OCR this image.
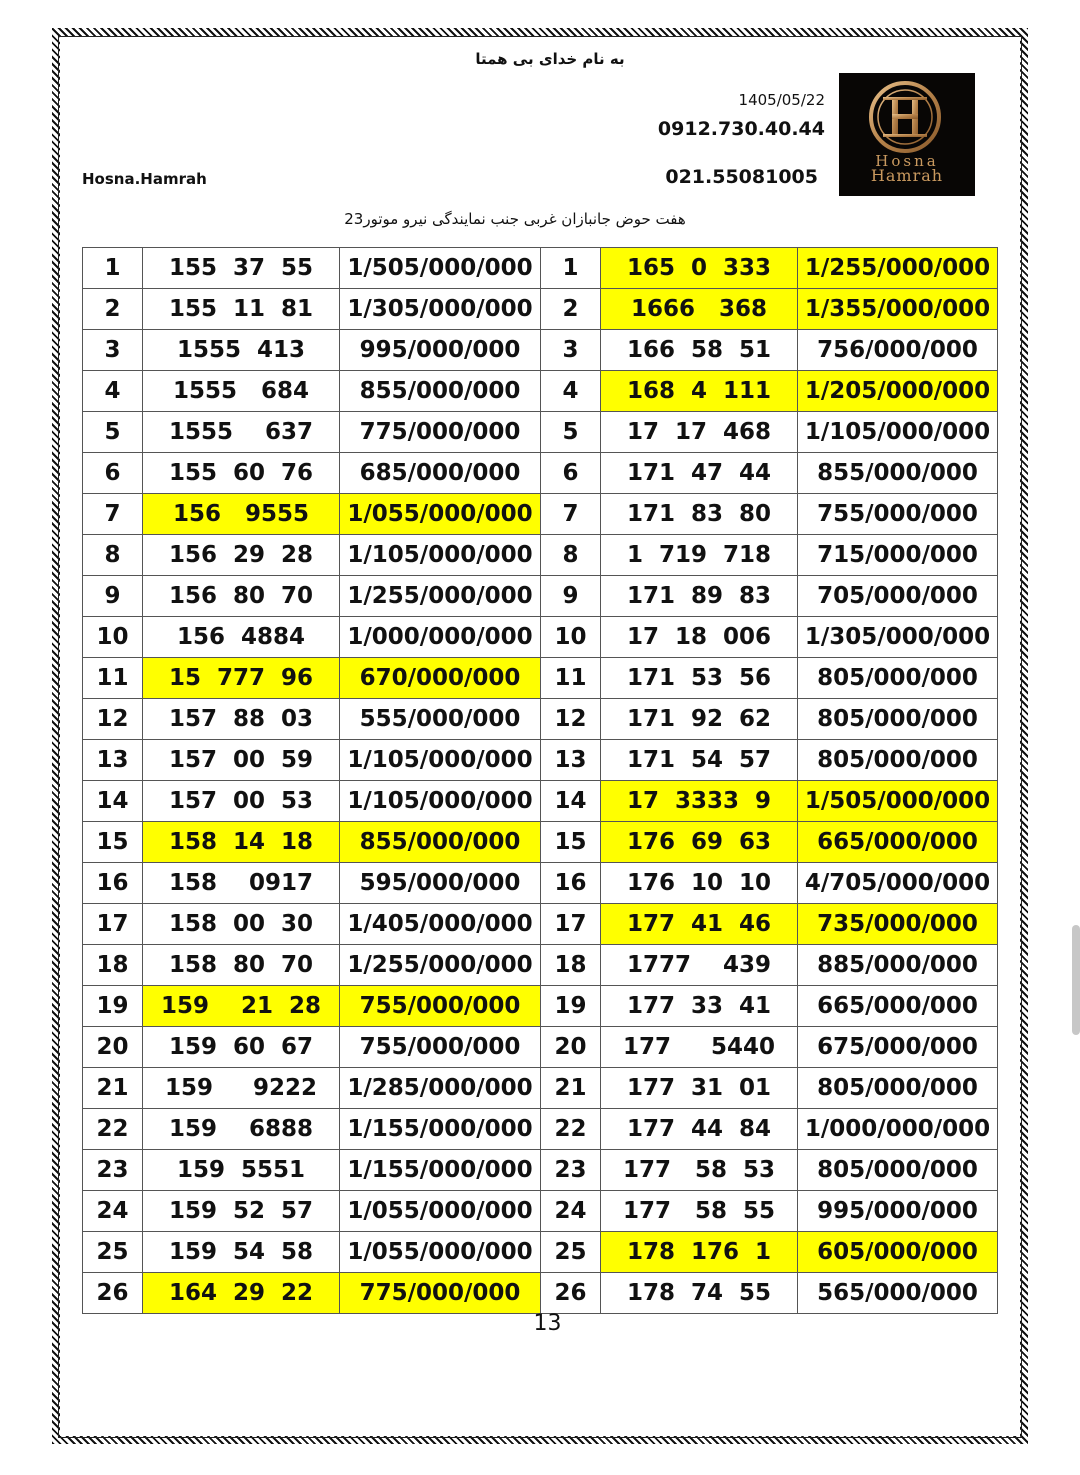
به نام خدای بی همتا
1405/05/22
0912.730.40.44
021.55081005
Hosna.Hamrah
Hosna
Hamrah
هفت حوض جانبازان غربی جنب نمایندگی نیرو موتور23
1	155  37  55	1/505/000/000	1	165  0  333	1/255/000/000
2	155  11  81	1/305/000/000	2	1666   368	1/355/000/000
3	1555  413	995/000/000	3	166  58  51	756/000/000
4	1555   684	855/000/000	4	168  4  111	1/205/000/000
5	1555    637	775/000/000	5	17  17  468	1/105/000/000
6	155  60  76	685/000/000	6	171  47  44	855/000/000
7	156   9555	1/055/000/000	7	171  83  80	755/000/000
8	156  29  28	1/105/000/000	8	1  719  718	715/000/000
9	156  80  70	1/255/000/000	9	171  89  83	705/000/000
10	156  4884	1/000/000/000	10	17  18  006	1/305/000/000
11	15  777  96	670/000/000	11	171  53  56	805/000/000
12	157  88  03	555/000/000	12	171  92  62	805/000/000
13	157  00  59	1/105/000/000	13	171  54  57	805/000/000
14	157  00  53	1/105/000/000	14	17  3333  9	1/505/000/000
15	158  14  18	855/000/000	15	176  69  63	665/000/000
16	158    0917	595/000/000	16	176  10  10	4/705/000/000
17	158  00  30	1/405/000/000	17	177  41  46	735/000/000
18	158  80  70	1/255/000/000	18	1777    439	885/000/000
19	159    21  28	755/000/000	19	177  33  41	665/000/000
20	159  60  67	755/000/000	20	177     5440	675/000/000
21	159     9222	1/285/000/000	21	177  31  01	805/000/000
22	159    6888	1/155/000/000	22	177  44  84	1/000/000/000
23	159  5551	1/155/000/000	23	177   58  53	805/000/000
24	159  52  57	1/055/000/000	24	177   58  55	995/000/000
25	159  54  58	1/055/000/000	25	178  176  1	605/000/000
26	164  29  22	775/000/000	26	178  74  55	565/000/000
13
